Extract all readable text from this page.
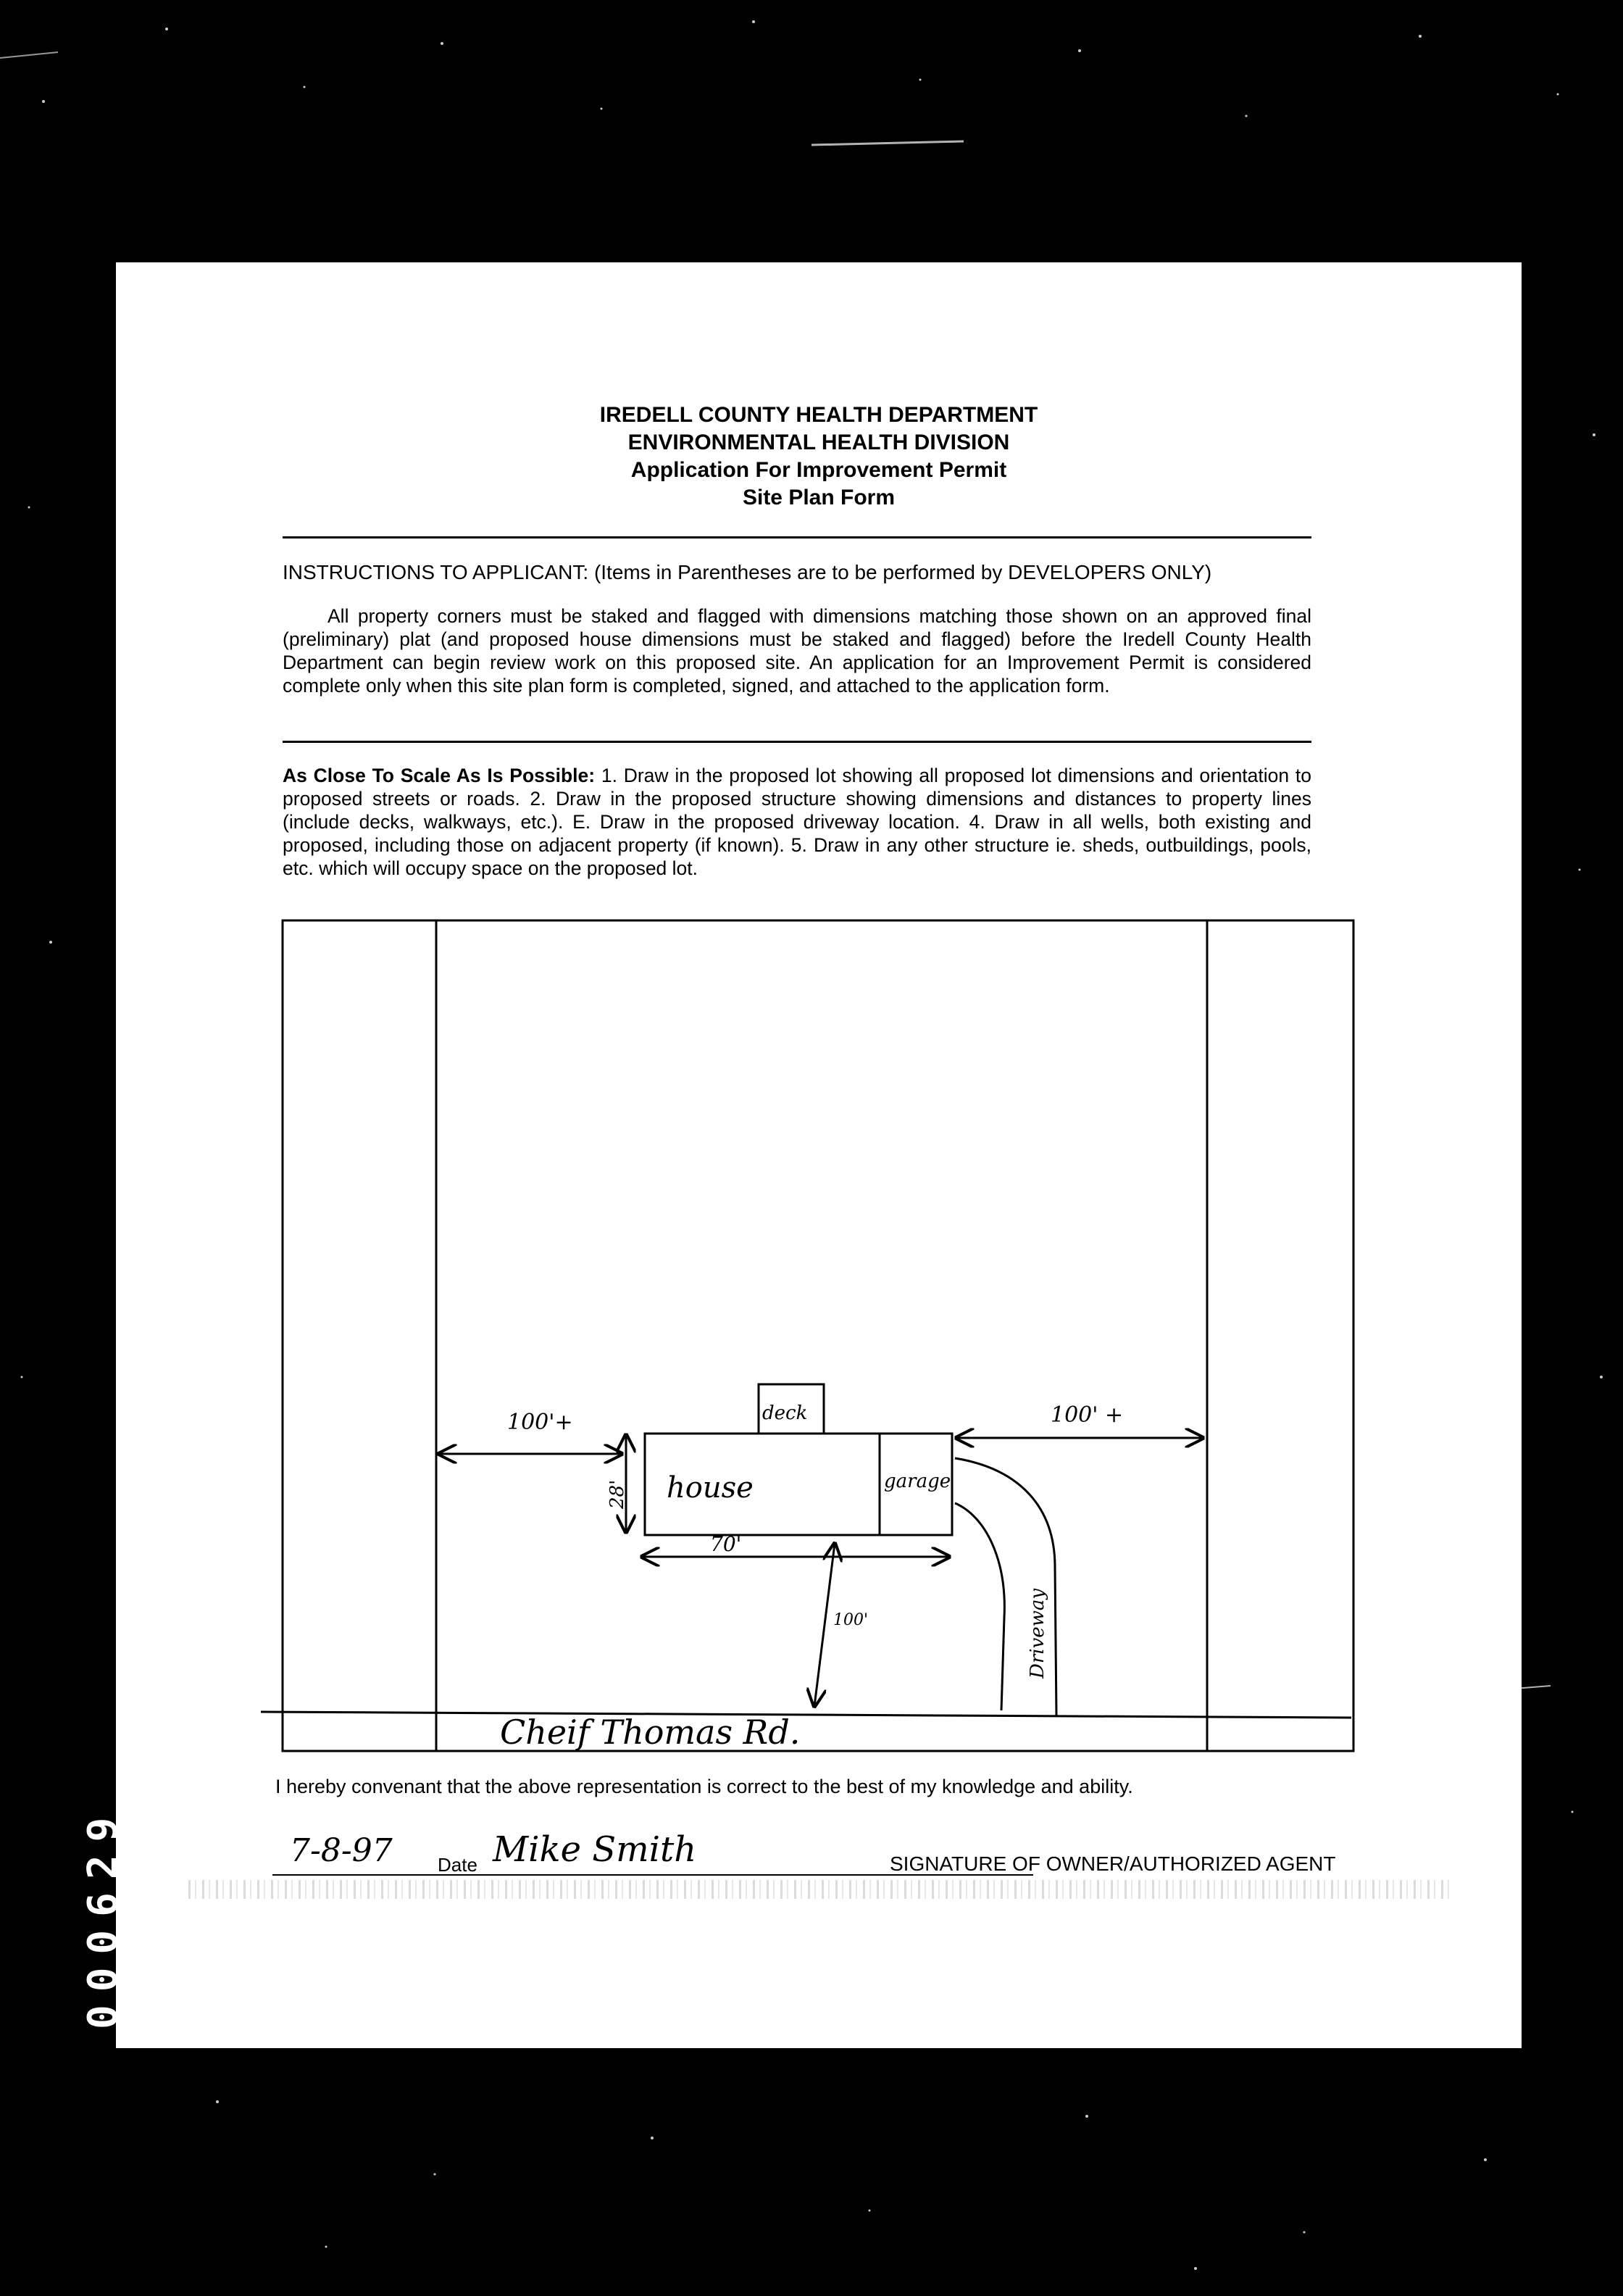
IREDELL COUNTY HEALTH DEPARTMENT
ENVIRONMENTAL HEALTH DIVISION
Application For Improvement Permit
Site Plan Form
INSTRUCTIONS TO APPLICANT: (Items in Parentheses are to be performed by DEVELOPERS ONLY)
All property corners must be staked and flagged with dimensions matching those shown on an approved final (preliminary) plat (and proposed house dimensions must be staked and flagged) before the Iredell County Health Department can begin review work on this proposed site. An application for an Improvement Permit is considered complete only when this site plan form is completed, signed, and attached to the application form.
As Close To Scale As Is Possible: 1. Draw in the proposed lot showing all proposed lot dimensions and orientation to proposed streets or roads. 2. Draw in the proposed structure showing dimensions and distances to property lines (include decks, walkways, etc.). E. Draw in the proposed driveway location. 4. Draw in all wells, both existing and proposed, including those on adjacent property (if known). 5. Draw in any other structure ie. sheds, outbuildings, pools, etc. which will occupy space on the proposed lot.
deck
house	garage
100'+	100' +
28'
70'
100'	Driveway
Cheif Thomas Rd.
I hereby convenant that the above representation is correct to the best of my knowledge and ability.
7-8-97 Date Mike Smith	SIGNATURE OF OWNER/AUTHORIZED AGENT
000629
